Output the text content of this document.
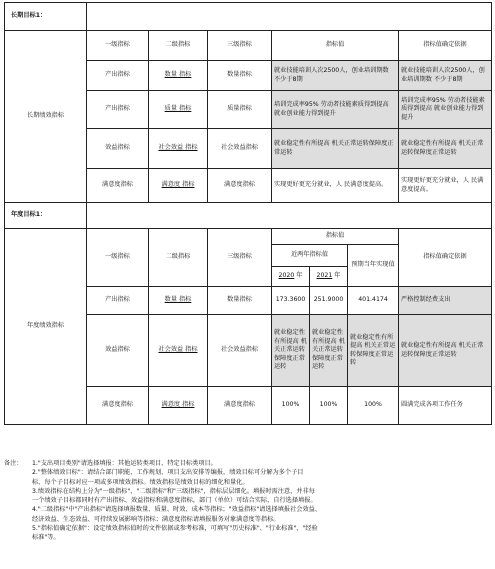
长期目标1：							
长期绩效指标	一级指标	二级指标	三级指标	指标值			指标值确定依据
	产出指标	数量 指标	数量指标	就业技能培训人次2500人，创业培训期数 不少于8期			就业技能培训人次2500人，创业培训期数 不少于8期
	产出指标	质量 指标	质量指标	培训完成率95% 劳动者技能素质得到提高 就业创业能力得到提升			培训完成率95% 劳动者技能素质得到提高 就业创业能力得到提升
	效益指标	社会效益 指标	社会效益指标	就业稳定性有所提高 机关正常运转保障度正常运转			就业稳定性有所提高 机关正常运转保障度正常运转
	满意度指标	满意度 指标	满意度指标	实现更好更充分就业，人 民满意度提高。			实现更好更充分就业，人 民满意度提高。
年度目标1：							
年度绩效指标	一级指标	二级指标	三级指标	指标值			指标值确定依据
				近两年指标值		预期当年实现值	
				2020 年	2021 年		
	产出指标	数量 指标	数量指标	173.3600	251.9000	401.4174	严格控制经费支出
	效益指标	社会效益 指标	社会效益指标	就业稳定性有所提高 机关正常运转保障度正常运转	就业稳定性有所提高 机关正常运转保障度正常运转	就业稳定性有所提高 机关正常运转保障度正常运转	就业稳定性有所提高 机关正常运转保障度正常运转
	满意度指标	满意度 指标	满意度指标	100%	100%	100%	圆满完成各项工作任务
备注：	1."支出项目类别"请选择填报：其他运转类项目、特定目标类项目。
2."整体绩效目标"：请结合部门职能、工作规划、项目支出安排等编报，绩效目标可分解为多个子目
标，每个子目标对应一项或多项绩效指标。绩效指标是绩效目标的细化和量化。
3.绩效指标在结构上分为"一级指标"、"二级指标"和"三级指标"，指标层层细化。填报时需注意，并非每
一个绩效子目标都同时有产出指标、效益指标和满意度指标，部门（单位）可结合实际，自行选择填报。
4."二级指标"中"产出指标"请选择填报数量、质量、时效、成本等指标；"效益指标"请选择填报社会效益、
经济效益、生态效益、可持续发展影响等指标；满意度指标请填报服务对象满意度等指标。
5."指标值确定依据"：设定绩效指标值时的文件依据或参考标准，可填写"历史标准"、"行业标准"、"经验
标准"等。
